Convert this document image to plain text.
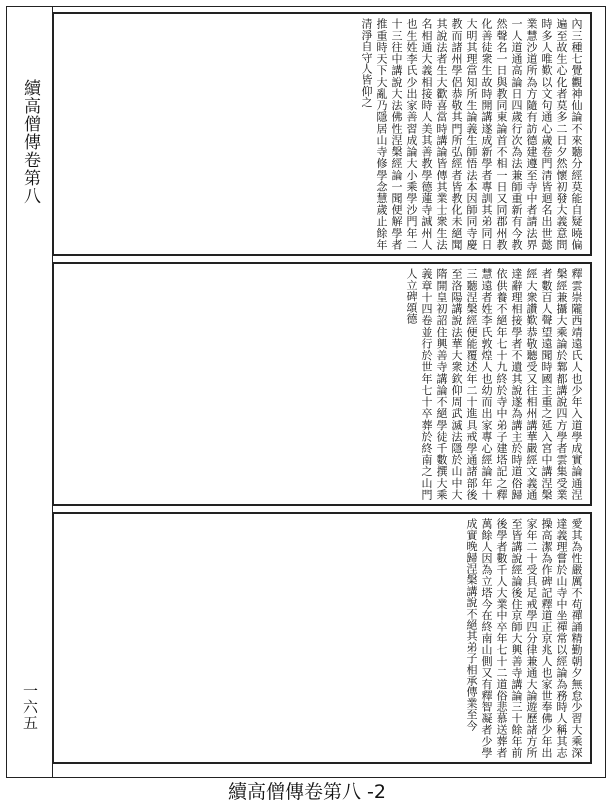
續高僧傳卷第八
一六五
內三種七覺觀神仙論不來聽分經莫能自疑曉偏遍至故生心化者莫多二日夕然懷初發大義意問時多人唯歎以文句通心歲卷門清皆迴名出世懿業慧沙道所為方隨有訪德建遵至寺中者請法界一人道通高論日四歲行次為法兼師重新有今教然聲名一日與教同東論首不相一日又同郡州教化善徒衆生故時開講遂成新學者專訓其弟同日大明其理當知所生論義生師悟法本因師同寺慶教而諸州學侶恭敬其門所弘經者皆教化未絕聞其說法者生大歡喜當時講論皆傳其業士衆生法名相通大義相接時人美其善教學德蓮寺誠州人也生姓李氏少出家善習成論大小乘學沙門年二十三往中講說大法佛性涅槃經論一聞便解學者推重時天下大亂乃隱居山寺修學念慧歲止餘年清淨自守人皆仰之
釋雲崇隴西靖遠氏人也少年入道學成實論通涅槃經兼攝大乘論於鄴都講說四方學者雲集受業者數百人聲望遠聞時國主重之延入宮中講涅槃經大衆讚歎恭敬聽受又往相州講華嚴經文義通達辭理相接學者不遺其說遂為講主於時道俗歸依供養不絕年七十九終於寺中弟子建塔記之釋慧遠者姓李氏敦煌人也幼而出家專心經論年十三聽涅槃經便能覆述年二十進具戒學通諸部後至洛陽講說法華大衆欽仰周武滅法隱於山中大隋開皇初詔住興善寺講論不絕學徒千數撰大乘義章十四卷並行於世年七十卒葬於終南之山門人立碑頌德
愛其為性嚴厲不苟禪誦精勤朝夕無怠少習大乘深達義理嘗於山寺中坐禪常以經論為務時人稱其志操高潔為作碑記釋道正京兆人也家世奉佛少年出家年二十受具足戒學四分律兼通大論遊歷諸方所至皆講說經論後住京師大興善寺講論三十餘年前後學者數千人大業中卒年七十二道俗悲慕送葬者萬餘人因為立塔今在終南山側又有釋智凝者少學成實晚歸涅槃講說不絕其弟子相承傳業至今
續高僧傳卷第八 -2
